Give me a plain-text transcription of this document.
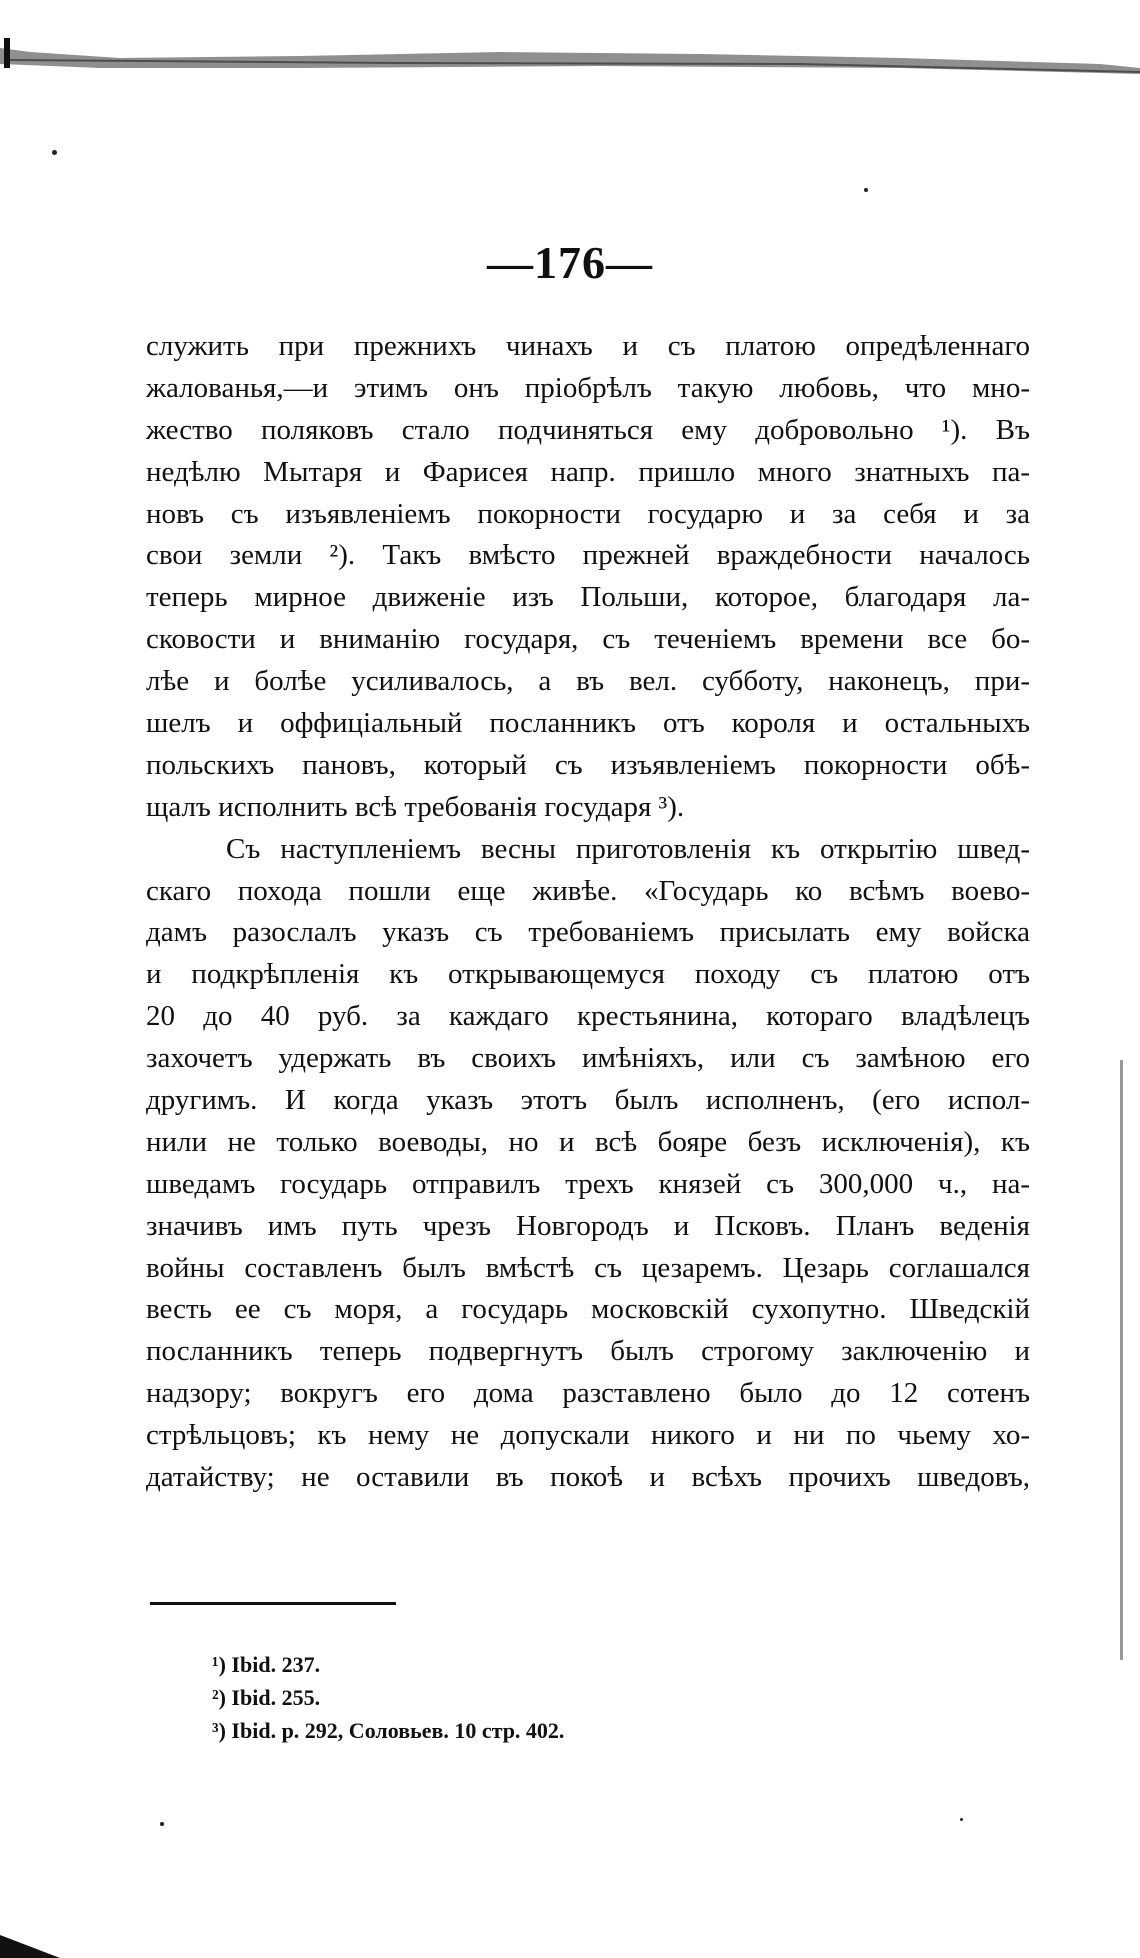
—176—
служить при прежнихъ чинахъ и съ платою опредѣленнаго
жалованья,—и этимъ онъ пріобрѣлъ такую любовь, что мно-
жество поляковъ стало подчиняться ему добровольно ¹). Въ
недѣлю Мытаря и Фарисея напр. пришло много знатныхъ па-
новъ съ изъявленіемъ покорности государю и за себя и за
свои земли ²). Такъ вмѣсто прежней враждебности началось
теперь мирное движеніе изъ Польши, которое, благодаря ла-
сковости и вниманію государя, съ теченіемъ времени все бо-
лѣе и болѣе усиливалось, а въ вел. субботу, наконецъ, при-
шелъ и оффиціальный посланникъ отъ короля и остальныхъ
польскихъ пановъ, который съ изъявленіемъ покорности обѣ-
щалъ исполнить всѣ требованія государя ³).
Съ наступленіемъ весны приготовленія къ открытію швед-
скаго похода пошли еще живѣе. «Государь ко всѣмъ воево-
дамъ разослалъ указъ съ требованіемъ присылать ему войска
и подкрѣпленія къ открывающемуся походу съ платою отъ
20 до 40 руб. за каждаго крестьянина, котораго владѣлецъ
захочетъ удержать въ своихъ имѣніяхъ, или съ замѣною его
другимъ. И когда указъ этотъ былъ исполненъ, (его испол-
нили не только воеводы, но и всѣ бояре безъ исключенія), къ
шведамъ государь отправилъ трехъ князей съ 300,000 ч., на-
значивъ имъ путь чрезъ Новгородъ и Псковъ. Планъ веденія
войны составленъ былъ вмѣстѣ съ цезаремъ. Цезарь соглашался
весть ее съ моря, а государь московскій сухопутно. Шведскій
посланникъ теперь подвергнутъ былъ строгому заключенію и
надзору; вокругъ его дома разставлено было до 12 сотенъ
стрѣльцовъ; къ нему не допускали никого и ни по чьему хо-
датайству; не оставили въ покоѣ и всѣхъ прочихъ шведовъ,
¹) Ibid. 237.
²) Ibid. 255.
³) Ibid. p. 292, Соловьев. 10 стр. 402.
